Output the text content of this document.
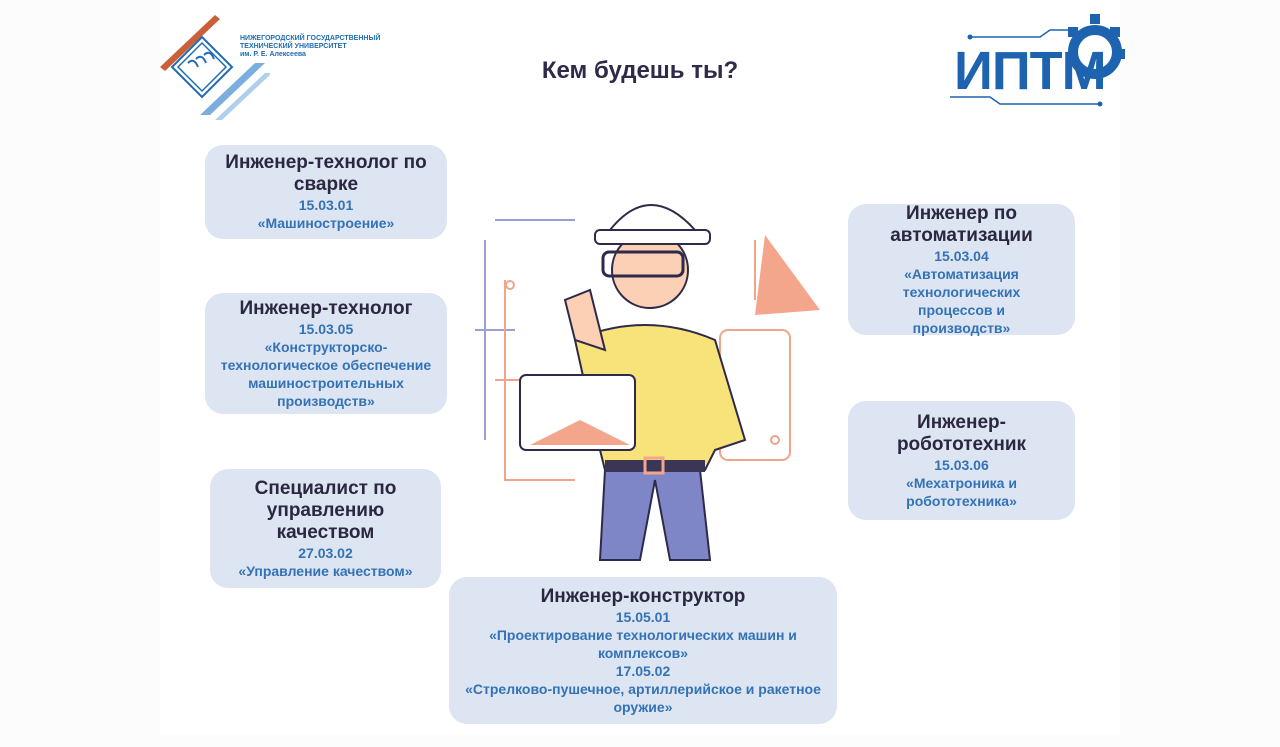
НИЖЕГОРОДСКИЙ ГОСУДАРСТВЕННЫЙ
ТЕХНИЧЕСКИЙ УНИВЕРСИТЕТ
им. Р. Е. Алексеева	ИПТМ
Кем будешь ты?
Инженер-технолог по сварке
15.03.01
«Машиностроение»
Инженер-технолог
15.03.05
«Конструкторско-технологическое обеспечение машиностроительных производств»
Специалист по управлению качеством
27.03.02
«Управление качеством»
Инженер по автоматизации
15.03.04
«Автоматизация технологических процессов и производств»
Инженер-робототехник
15.03.06
«Мехатроника и робототехника»
Инженер-конструктор
15.05.01
«Проектирование технологических машин и комплексов»
17.05.02
«Стрелково-пушечное, артиллерийское и ракетное оружие»
